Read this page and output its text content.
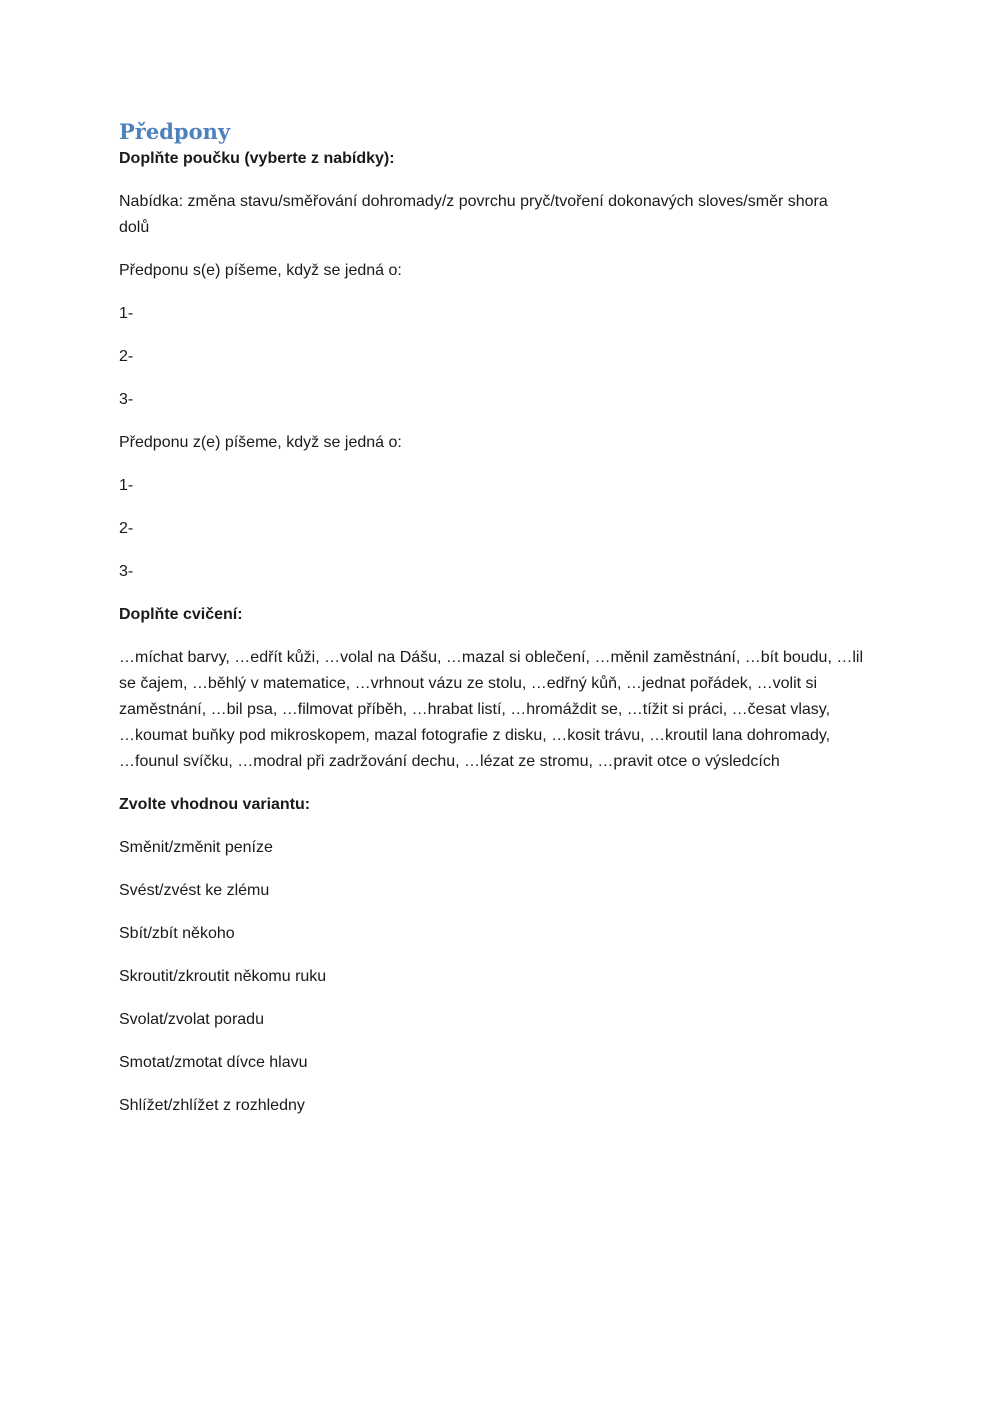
Předpony

Doplňte poučku (vyberte z nabídky):

Nabídka: změna stavu/směřování dohromady/z povrchu pryč/tvoření dokonavých sloves/směr shora
dolů

Předponu s(e) píšeme, když se jedná o:

1-

2-

3-

Předponu z(e) píšeme, když se jedná o:

1-

2-

3-

Doplňte cvičení:

…míchat barvy, …edřít kůži, …volal na Dášu, …mazal si oblečení, …měnil zaměstnání, …bít boudu, …lil
se čajem, …běhlý v matematice, …vrhnout vázu ze stolu, …edřný kůň, …jednat pořádek, …volit si
zaměstnání, …bil psa, …filmovat příběh, …hrabat listí, …hromáždit se, …tížit si práci, …česat vlasy,
…koumat buňky pod mikroskopem, mazal fotografie z disku, …kosit trávu, …kroutil lana dohromady,
…founul svíčku, …modral při zadržování dechu, …lézat ze stromu, …pravit otce o výsledcích

Zvolte vhodnou variantu:

Směnit/změnit peníze

Svést/zvést ke zlému

Sbít/zbít někoho

Skroutit/zkroutit někomu ruku

Svolat/zvolat poradu

Smotat/zmotat dívce hlavu

Shlížet/zhlížet z rozhledny
